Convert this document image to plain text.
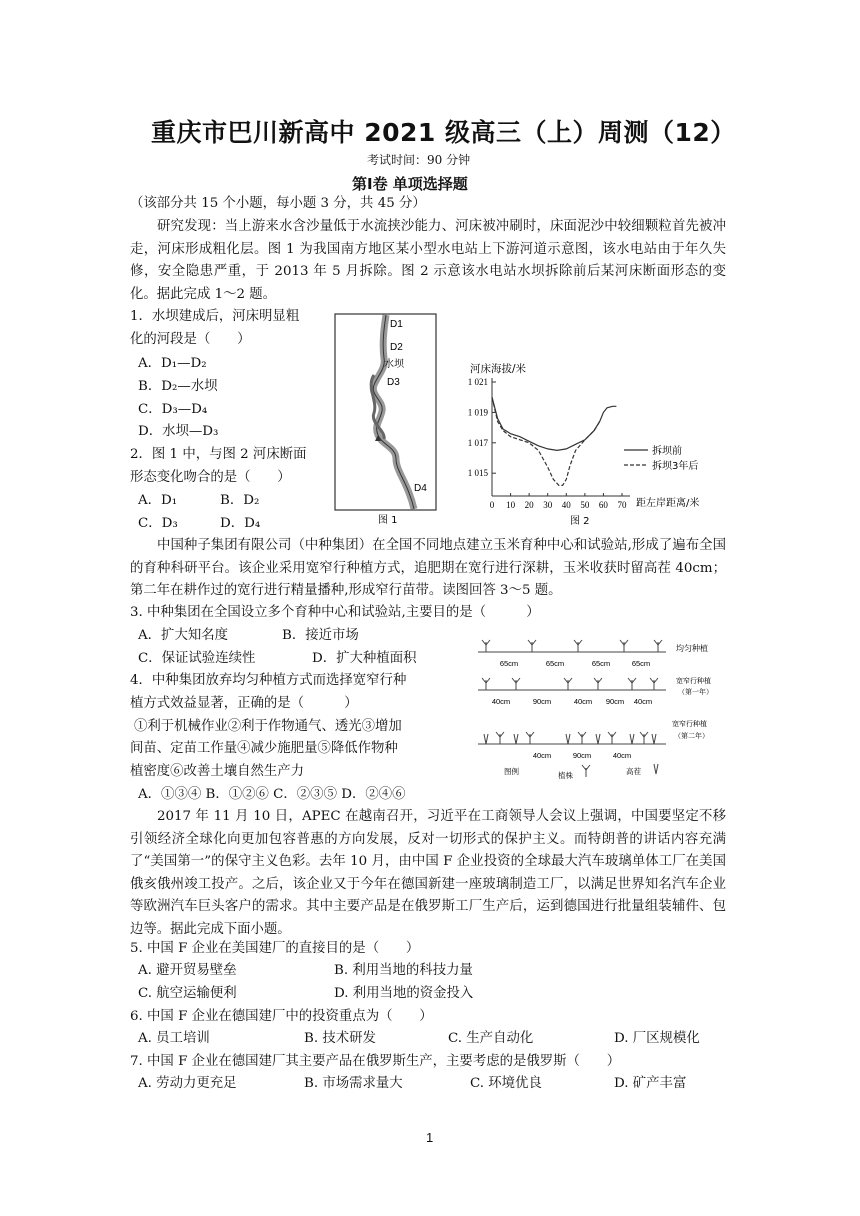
重庆市巴川新高中 2021 级高三（上）周测（12）
考试时间：90 分钟
第Ⅰ卷 单项选择题
（该部分共 15 个小题，每小题 3 分，共 45 分）
研究发现：当上游来水含沙量低于水流挟沙能力、河床被冲刷时，床面泥沙中较细颗粒首先被冲走，河床形成粗化层。图 1 为我国南方地区某小型水电站上下游河道示意图，该水电站由于年久失修，安全隐患严重，于 2013 年 5 月拆除。图 2 示意该水电站水坝拆除前后某河床断面形态的变化。据此完成 1～2 题。
1．水坝建成后，河床明显粗
化的河段是（　　）
A．D₁—D₂
B．D₂—水坝
C．D₃—D₄
D．水坝—D₃
2．图 1 中，与图 2 河床断面
形态变化吻合的是（　　）
A．D₁	B．D₂
C．D₃	D．D₄
D1
D2
水坝
D3
D4
图 1
河床海拔/米
1 021
1 019
1 017
1 015
0 10 20 30 40 50 60 70
拆坝前
拆坝3年后
距左岸距离/米
图 2
中国种子集团有限公司（中种集团）在全国不同地点建立玉米育种中心和试验站,形成了遍布全国的育种科研平台。该企业采用宽窄行种植方式，追肥期在宽行进行深耕，玉米收获时留高茬 40cm；第二年在耕作过的宽行进行精量播种,形成窄行苗带。读图回答 3～5 题。
3. 中种集团在全国设立多个育种中心和试验站,主要目的是（　　　）
A．扩大知名度	B．接近市场
C．保证试验连续性	D．扩大种植面积
4．中种集团放弃均匀种植方式而选择宽窄行种
植方式效益显著，正确的是（　　　）
①利于机械作业②利于作物通气、透光③增加
间苗、定苗工作量④减少施肥量⑤降低作物种
植密度⑥改善土壤自然生产力
A．①③④ B．①②⑥ C．②③⑤ D．②④⑥
65cm	65cm	65cm	65cm
40cm	90cm	40cm 90cm 40cm
40cm	90cm	40cm
均匀种植
宽窄行种植
（第一年）
宽窄行种植
（第二年）
图例	植株	高茬
2017 年 11 月 10 日，APEC 在越南召开，习近平在工商领导人会议上强调，中国要坚定不移引领经济全球化向更加包容普惠的方向发展，反对一切形式的保护主义。而特朗普的讲话内容充满了“美国第一”的保守主义色彩。去年 10 月，由中国 F 企业投资的全球最大汽车玻璃单体工厂在美国俄亥俄州竣工投产。之后，该企业又于今年在德国新建一座玻璃制造工厂，以满足世界知名汽车企业等欧洲汽车巨头客户的需求。其中主要产品是在俄罗斯工厂生产后，运到德国进行批量组装辅件、包边等。据此完成下面小题。
5. 中国 F 企业在美国建厂的直接目的是（　　）
A. 避开贸易壁垒	B. 利用当地的科技力量
C. 航空运输便利	D. 利用当地的资金投入
6. 中国 F 企业在德国建厂中的投资重点为（　　）
A. 员工培训	B. 技术研发	C. 生产自动化	D. 厂区规模化
7. 中国 F 企业在德国建厂其主要产品在俄罗斯生产，主要考虑的是俄罗斯（　　）
A. 劳动力更充足	B. 市场需求量大	C. 环境优良	D. 矿产丰富
1
